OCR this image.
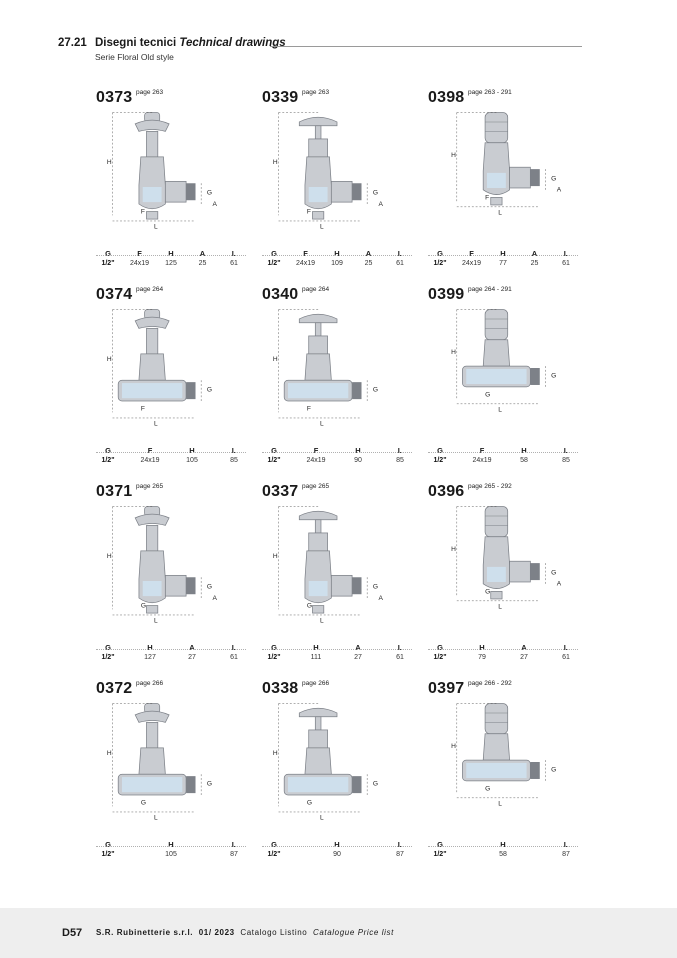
27.21 Disegni tecnici Technical drawings
Serie Floral Old style
0373 page 263
H
F
L
G
A
G	F	H	A	L
1/2" 24x19 125	25	61
0339 page 263
H
F
L
G
A
G	F	H	A	L
1/2" 24x19 109	25	61
0398 page 263 - 291
H
F
L
G
A
G	F	H	A	L
1/2" 24x19	77	25	61
0374 page 264
H
F
L
G
G	F	H	L
1/2"	24x19	105	85
0340 page 264
H
F
L
G
G	F	H	L
1/2"	24x19	90	85
0399 page 264 - 291
H
G
L
G
G	F	H	L
1/2"	24x19	58	85
0371 page 265
H
G
L
G
A
G	H	A	L
1/2"	127	27	61
0337 page 265
H
G
L
G
A
G	H	A	L
1/2"	111	27	61
0396 page 265 - 292
H
G
L
G
A
G	H	A	L
1/2"	79	27	61
0372 page 266
H
G
L
G
G	H	L
1/2"	105	87
0338 page 266
H
G
L
G
G	H	L
1/2"	90	87
0397 page 266 - 292
H
G
L
G
G	H	L
1/2"	58	87
D57 S.R. Rubinetterie s.r.l. 01/ 2023 Catalogo Listino Catalogue Price list
